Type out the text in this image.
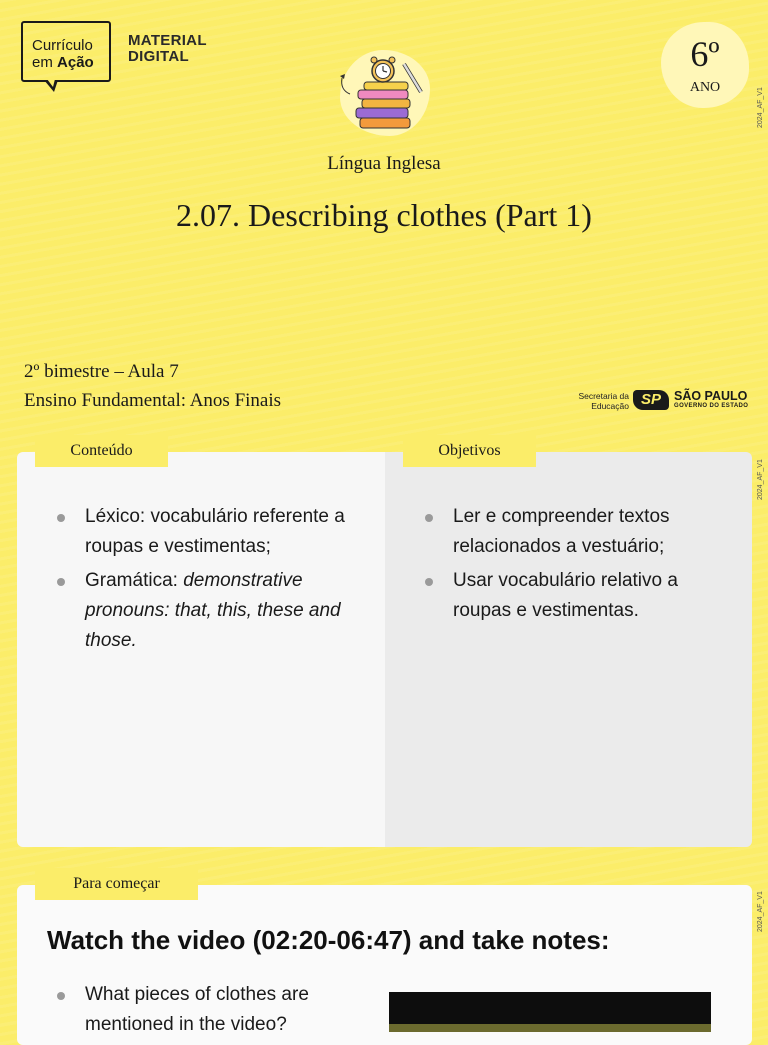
Currículo
em Ação
MATERIAL
DIGITAL	6º
ANO	2024_AF_V1
2024_AF_V1
2024_AF_V1
Língua Inglesa
2.07. Describing clothes (Part 1)
2º bimestre – Aula 7
Ensino Fundamental: Anos Finais	Secretaria da
Educação SP	SÃO PAULO
GOVERNO DO ESTADO
Conteúdo	Objetivos
Léxico: vocabulário referente a roupas e vestimentas;
Gramática: demonstrative pronouns: that, this, these and those.
Ler e compreender textos relacionados a vestuário;
Usar vocabulário relativo a roupas e vestimentas.
Para começar
Watch the video (02:20-06:47) and take notes:
What pieces of clothes are mentioned in the video?
